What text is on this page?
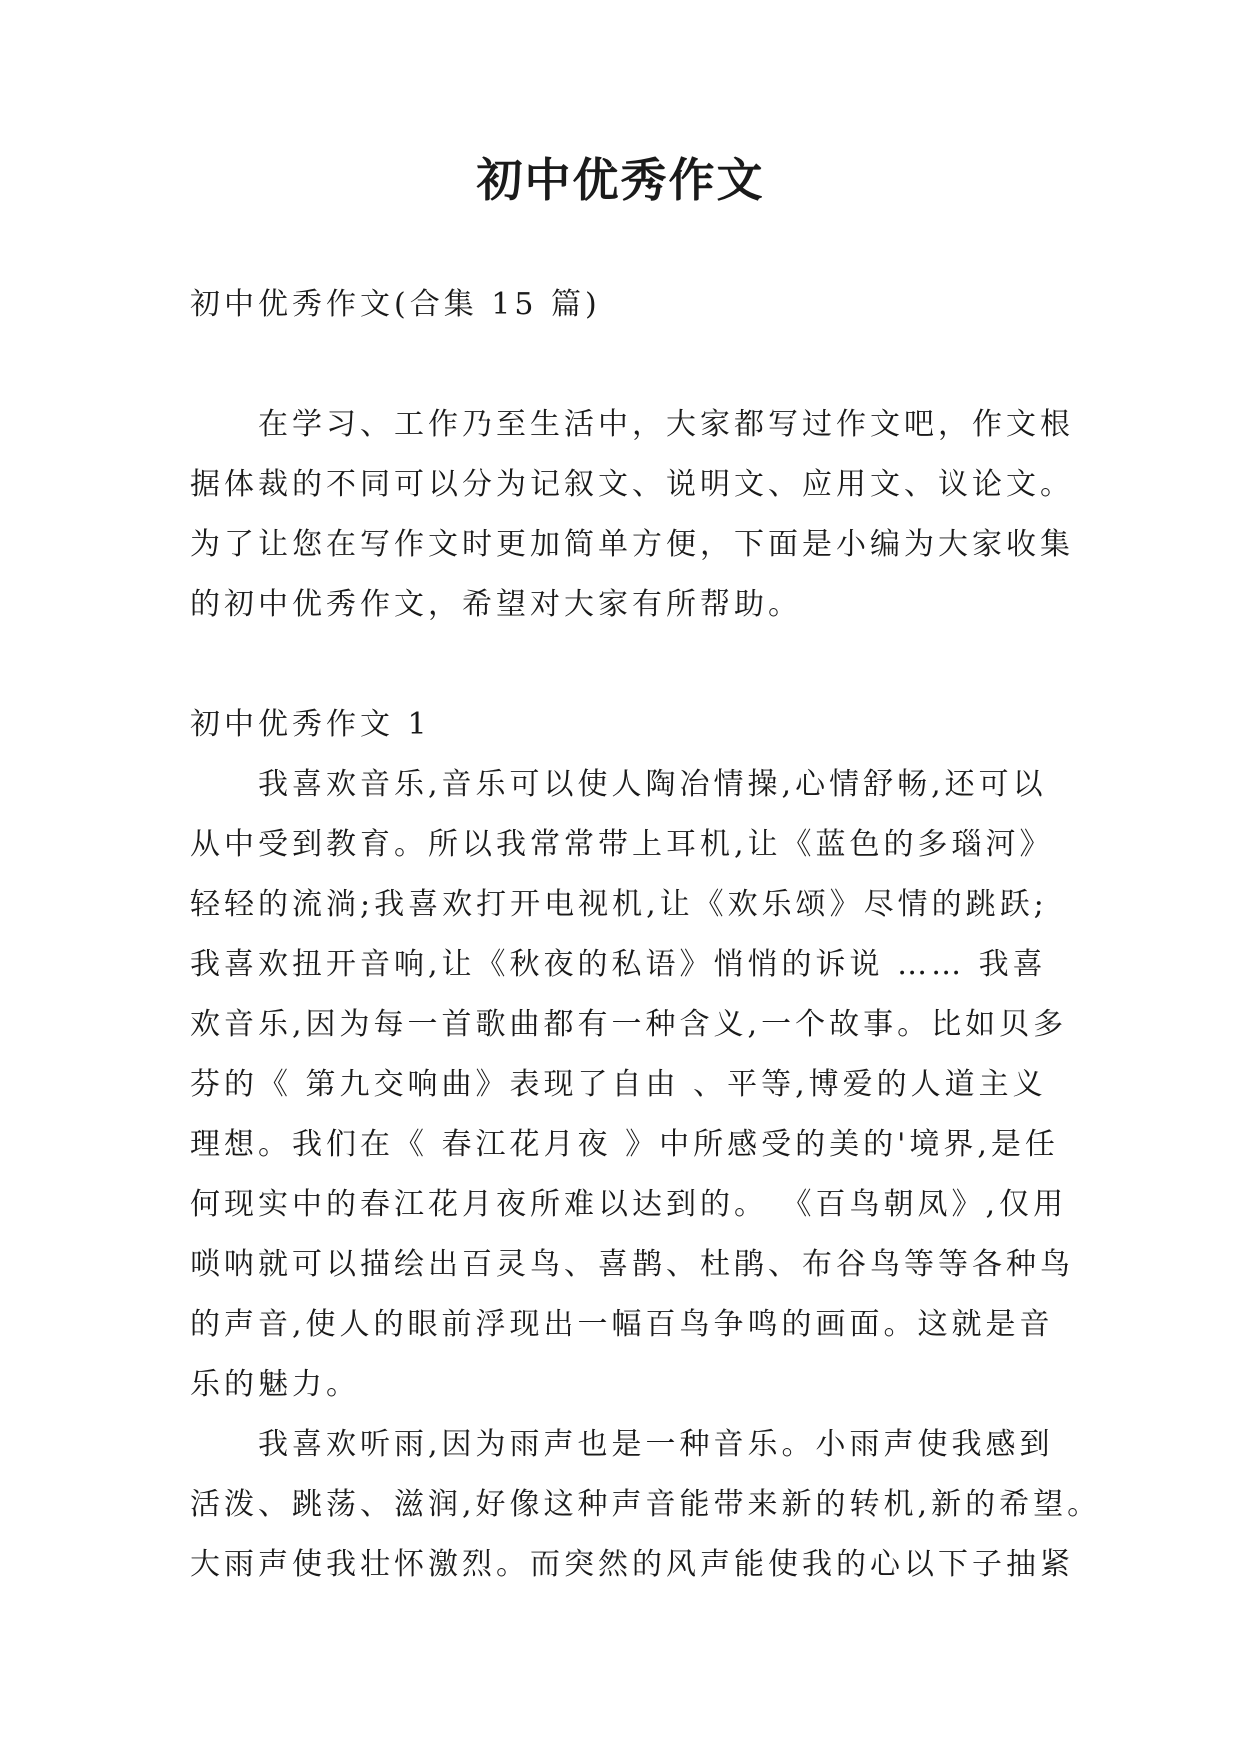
初中优秀作文

初中优秀作文(合集 15 篇)

在学习、工作乃至生活中，大家都写过作文吧，作文根

据体裁的不同可以分为记叙文、说明文、应用文、议论文。

为了让您在写作文时更加简单方便，下面是小编为大家收集

的初中优秀作文，希望对大家有所帮助。

初中优秀作文 1

我喜欢音乐,音乐可以使人陶冶情操,心情舒畅,还可以

从中受到教育。所以我常常带上耳机,让《蓝色的多瑙河》

轻轻的流淌;我喜欢打开电视机,让《欢乐颂》尽情的跳跃;

我喜欢扭开音响,让《秋夜的私语》悄悄的诉说 …… 我喜

欢音乐,因为每一首歌曲都有一种含义,一个故事。比如贝多

芬的《 第九交响曲》表现了自由 、平等,博爱的人道主义

理想。我们在《 春江花月夜 》中所感受的美的'境界,是任

何现实中的春江花月夜所难以达到的。 《百鸟朝凤》,仅用

唢呐就可以描绘出百灵鸟、喜鹊、杜鹃、布谷鸟等等各种鸟

的声音,使人的眼前浮现出一幅百鸟争鸣的画面。这就是音

乐的魅力。

我喜欢听雨,因为雨声也是一种音乐。小雨声使我感到

活泼、跳荡、滋润,好像这种声音能带来新的转机,新的希望。

大雨声使我壮怀激烈。而突然的风声能使我的心以下子抽紧
